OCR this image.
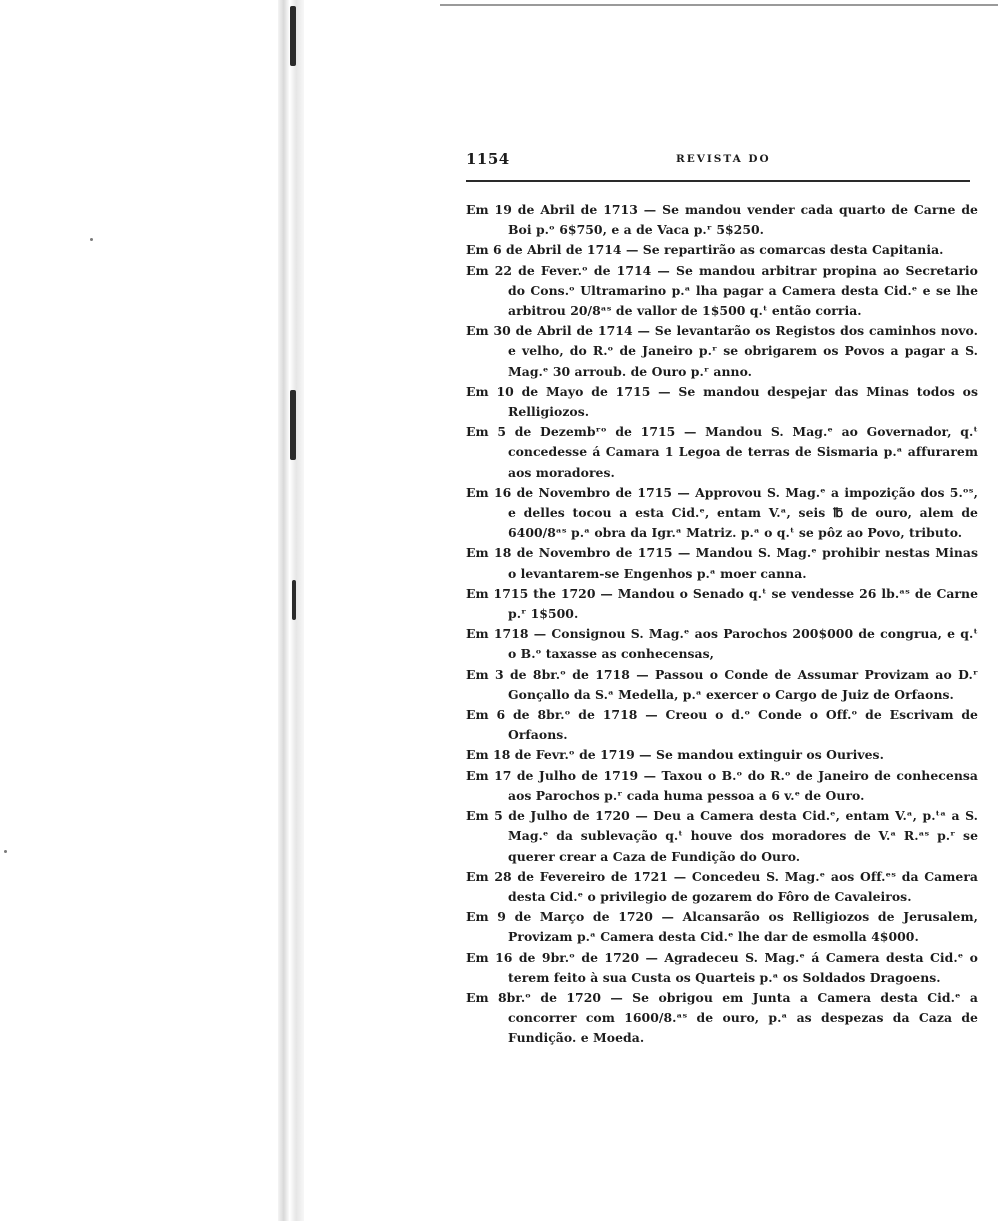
1154	REVISTA DO
Em 19 de Abril de 1713 — Se mandou vender cada quarto de Carne de Boi p.ᵒ 6$750, e a de Vaca p.ʳ 5$250.
Em 6 de Abril de 1714 — Se repartirão as comarcas desta Capitania.
Em 22 de Fever.ᵒ de 1714 — Se mandou arbitrar propina ao Secretario do Cons.ᵒ Ultramarino p.ᵃ lha pagar a Camera desta Cid.ᵉ e se lhe arbitrou 20/8ᵃˢ de vallor de 1$500 q.ᵗ então corria.
Em 30 de Abril de 1714 — Se levantarão os Registos dos caminhos novo. e velho, do R.ᵒ de Janeiro p.ʳ se obrigarem os Povos a pagar a S. Mag.ᵉ 30 arroub. de Ouro p.ʳ anno.
Em 10 de Mayo de 1715 — Se mandou despejar das Minas todos os Relligiozos.
Em 5 de Dezembʳᵒ de 1715 — Mandou S. Mag.ᵉ ao Governador, q.ᵗ concedesse á Camara 1 Legoa de terras de Sismaria p.ᵃ affurarem aos moradores.
Em 16 de Novembro de 1715 — Approvou S. Mag.ᵉ a impozição dos 5.ᵒˢ, e delles tocou a esta Cid.ᵉ, entam V.ᵃ, seis ℔ de ouro, alem de 6400/8ᵃˢ p.ᵃ obra da Igr.ᵃ Matriz. p.ᵃ o q.ᵗ se pôz ao Povo, tributo.
Em 18 de Novembro de 1715 — Mandou S. Mag.ᵉ prohibir nestas Minas o levantarem-se Engenhos p.ᵃ moer canna.
Em 1715 the 1720 — Mandou o Senado q.ᵗ se vendesse 26 lb.ᵃˢ de Carne p.ʳ 1$500.
Em 1718 — Consignou S. Mag.ᵉ aos Parochos 200$000 de congrua, e q.ᵗ o B.ᵒ taxasse as conhecensas,
Em 3 de 8br.ᵒ de 1718 — Passou o Conde de Assumar Provizam ao D.ʳ Gonçallo da S.ᵃ Medella, p.ᵃ exercer o Cargo de Juiz de Orfaons.
Em 6 de 8br.ᵒ de 1718 — Creou o d.ᵒ Conde o Off.ᵒ de Escrivam de Orfaons.
Em 18 de Fevr.ᵒ de 1719 — Se mandou extinguir os Ourives.
Em 17 de Julho de 1719 — Taxou o B.ᵒ do R.ᵒ de Janeiro de conhecensa aos Parochos p.ʳ cada huma pessoa a 6 v.ᵉ de Ouro.
Em 5 de Julho de 1720 — Deu a Camera desta Cid.ᵉ, entam V.ᵃ, p.ᵗᵃ a S. Mag.ᵉ da sublevação q.ᵗ houve dos moradores de V.ᵃ R.ᵃˢ p.ʳ se querer crear a Caza de Fundição do Ouro.
Em 28 de Fevereiro de 1721 — Concedeu S. Mag.ᵉ aos Off.ᵉˢ da Camera desta Cid.ᵉ o privilegio de gozarem do Fôro de Cavaleiros.
Em 9 de Março de 1720 — Alcansarão os Relligiozos de Jerusalem, Provizam p.ᵃ Camera desta Cid.ᵉ lhe dar de esmolla 4$000.
Em 16 de 9br.ᵒ de 1720 — Agradeceu S. Mag.ᵉ á Camera desta Cid.ᵉ o terem feito à sua Custa os Quarteis p.ᵃ os Soldados Dragoens.
Em 8br.ᵒ de 1720 — Se obrigou em Junta a Camera desta Cid.ᵉ a concorrer com 1600/8.ᵃˢ de ouro, p.ᵃ as despezas da Caza de Fundição. e Moeda.
